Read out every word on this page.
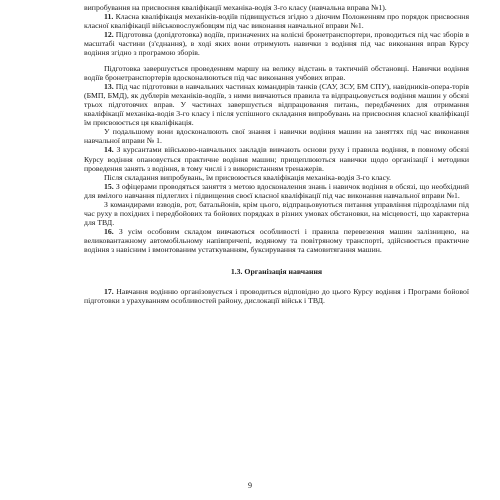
випробування на присвоєння кваліфікації механіка-водія 3-го класу (навчальна вправа №1).

11. Класна кваліфікація механіків-водіїв підвищується згідно з діючим Положенням про порядок присвоєння класної кваліфікації військовослужбовцям під час виконання навчальної вправи №1.

12. Підготовка (допідготовка) водіїв, призначених на колісні бронетранспортери, проводиться під час зборів в масштабі частини (з'єднання), в ході яких вони отримують навички з водіння під час виконання вправ Курсу водіння згідно з програмою зборів.

Підготовка завершується проведенням маршу на велику відстань в тактичній обстановці. Навички водіння водіїв бронетранспортерів вдосконалюються під час виконання учбових вправ.

13. Під час підготовки в навчальних частинах командирів танків (САУ, ЗСУ, БМ СПУ), навідників-опера-торів (БМП, БМД), як дублерів механіків-водіїв, з ними вивчаються правила та відпрацьовується водіння машин у обсязі трьох підготовчих вправ. У частинах завершується відпрацювання питань, передбачених для отримання кваліфікації механіка-водія 3-го класу і після успішного складання випробувань на присвоєння класної кваліфікації їм присвоюється ця кваліфікація.

У подальшому вони вдосконалюють свої знання і навички водіння машин на заняттях під час виконання навчальної вправи № 1.

14. З курсантами військово-навчальних закладів вивчають основи руху і правила водіння, в повному обсязі Курсу водіння опановується практичне водіння машин; прищеплюються навички щодо організації і методики проведення занять з водіння, в тому числі і з використанням тренажерів.

Після складання випробувань, їм присвоюється кваліфікація механіка-водія 3-го класу.

15. З офіцерами проводяться заняття з метою вдосконалення знань і навичок водіння в обсязі, що необхідний для вмілого навчання підлеглих і підвищення своєї класної кваліфікації під час виконання навчальної вправи №1.

З командирами взводів, рот, батальйонів, крім цього, відпрацьовуються питання управління підрозділами під час руху в похідних і передбойових та бойових порядках в різних умовах обстановки, на місцевості, що характерна для ТВД.

16. З усім особовим складом вивчаються особливості і правила перевезення машин залізницею, на великовантажному автомобільному напівпричепі, водяному та повітряному транспорті, здійснюється практичне водіння з навісним і вмонтованим устаткуванням, буксирування та самовитягання машин.

1.3. Організація навчання

17. Навчання водінню організовується і проводиться відповідно до цього Курсу водіння і Програми бойової підготовки з урахуванням особливостей району, дислокації військ і ТВД.

9
